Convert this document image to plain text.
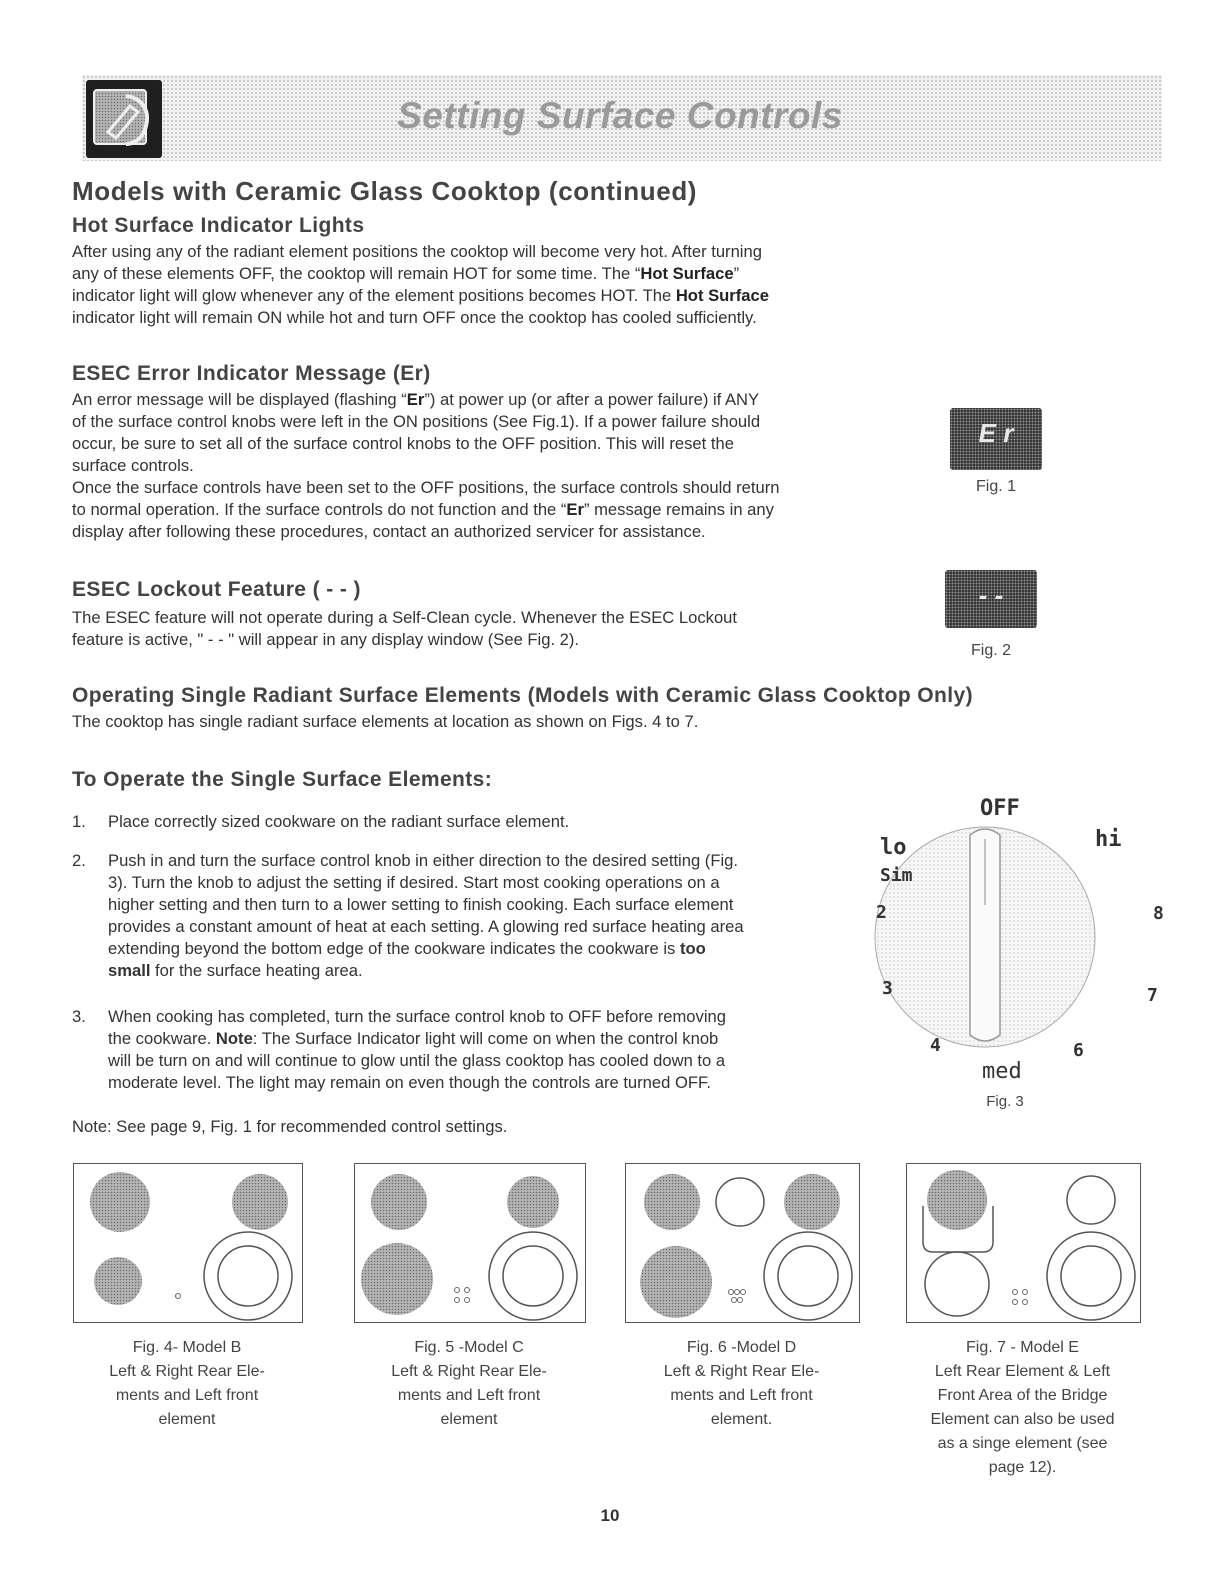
Setting Surface Controls
Models with Ceramic Glass Cooktop (continued)
Hot Surface Indicator Lights

After using any of the radiant element positions the cooktop will become very hot. After turning

any of these elements OFF, the cooktop will remain HOT for some time. The “Hot Surface”

indicator light will glow whenever any of the element positions becomes HOT. The Hot Surface

indicator light will remain ON while hot and turn OFF once the cooktop has cooled sufficiently.

ESEC Error Indicator Message (Er)

An error message will be displayed (flashing “Er”) at power up (or after a power failure) if ANY

of the surface control knobs were left in the ON positions (See Fig.1). If a power failure should

occur, be sure to set all of the surface control knobs to the OFF position. This will reset the

surface controls.

Once the surface controls have been set to the OFF positions, the surface controls should return

to normal operation. If the surface controls do not function and the “Er” message remains in any

display after following these procedures, contact an authorized servicer for assistance.

E r
Fig. 1
ESEC Lockout Feature ( - - )

The ESEC feature will not operate during a Self-Clean cycle. Whenever the ESEC Lockout

feature is active, " - - " will appear in any display window (See Fig. 2).

- -
Fig. 2
Operating Single Radiant Surface Elements (Models with Ceramic Glass Cooktop Only)

The cooktop has single radiant surface elements at location as shown on Figs. 4 to 7.

To Operate the Single Surface Elements:
1. Place correctly sized cookware on the radiant surface element.
2. Push in and turn the surface control knob in either direction to the desired setting (Fig.
3). Turn the knob to adjust the setting if desired. Start most cooking operations on a
higher setting and then turn to a lower setting to finish cooking. Each surface element
provides a constant amount of heat at each setting. A glowing red surface heating area
extending beyond the bottom edge of the cookware indicates the cookware is too
small for the surface heating area.
3. When cooking has completed, turn the surface control knob to OFF before removing
the cookware. Note: The Surface Indicator light will come on when the control knob
will be turn on and will continue to glow until the glass cooktop has cooled down to a
moderate level. The light may remain on even though the controls are turned OFF.

Note: See page 9, Fig. 1 for recommended control settings.

OFF
lo	hi
Sim
2
3
4
med
6
7
8
Fig. 3
Fig. 4- Model B
Left & Right Rear Ele-
ments and Left front
element
Fig. 5 -Model C
Left & Right Rear Ele-
ments and Left front
element
Fig. 6 -Model D
Left & Right Rear Ele-
ments and Left front
element.
Fig. 7 - Model E
Left Rear Element & Left
Front Area of the Bridge
Element can also be used
as a singe element (see
page 12).
10
